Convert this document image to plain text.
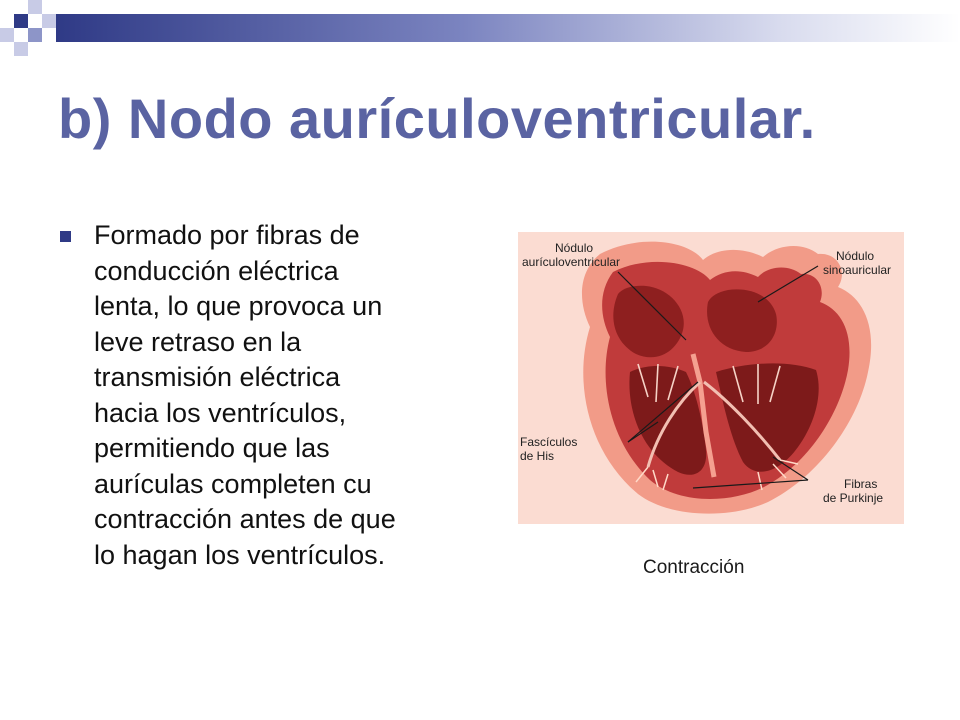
b) Nodo aurículoventricular.
Formado por fibras de
conducción eléctrica
lenta, lo que provoca un
leve retraso en la
transmisión eléctrica
hacia los ventrículos,
permitiendo que las
aurículas completen cu
contracción antes de que
lo hagan los ventrículos.
Nódulo
aurículoventricular	Nódulo
sinoauricular
Fascículos
de His
Fibras
de Purkinje

Contracción
